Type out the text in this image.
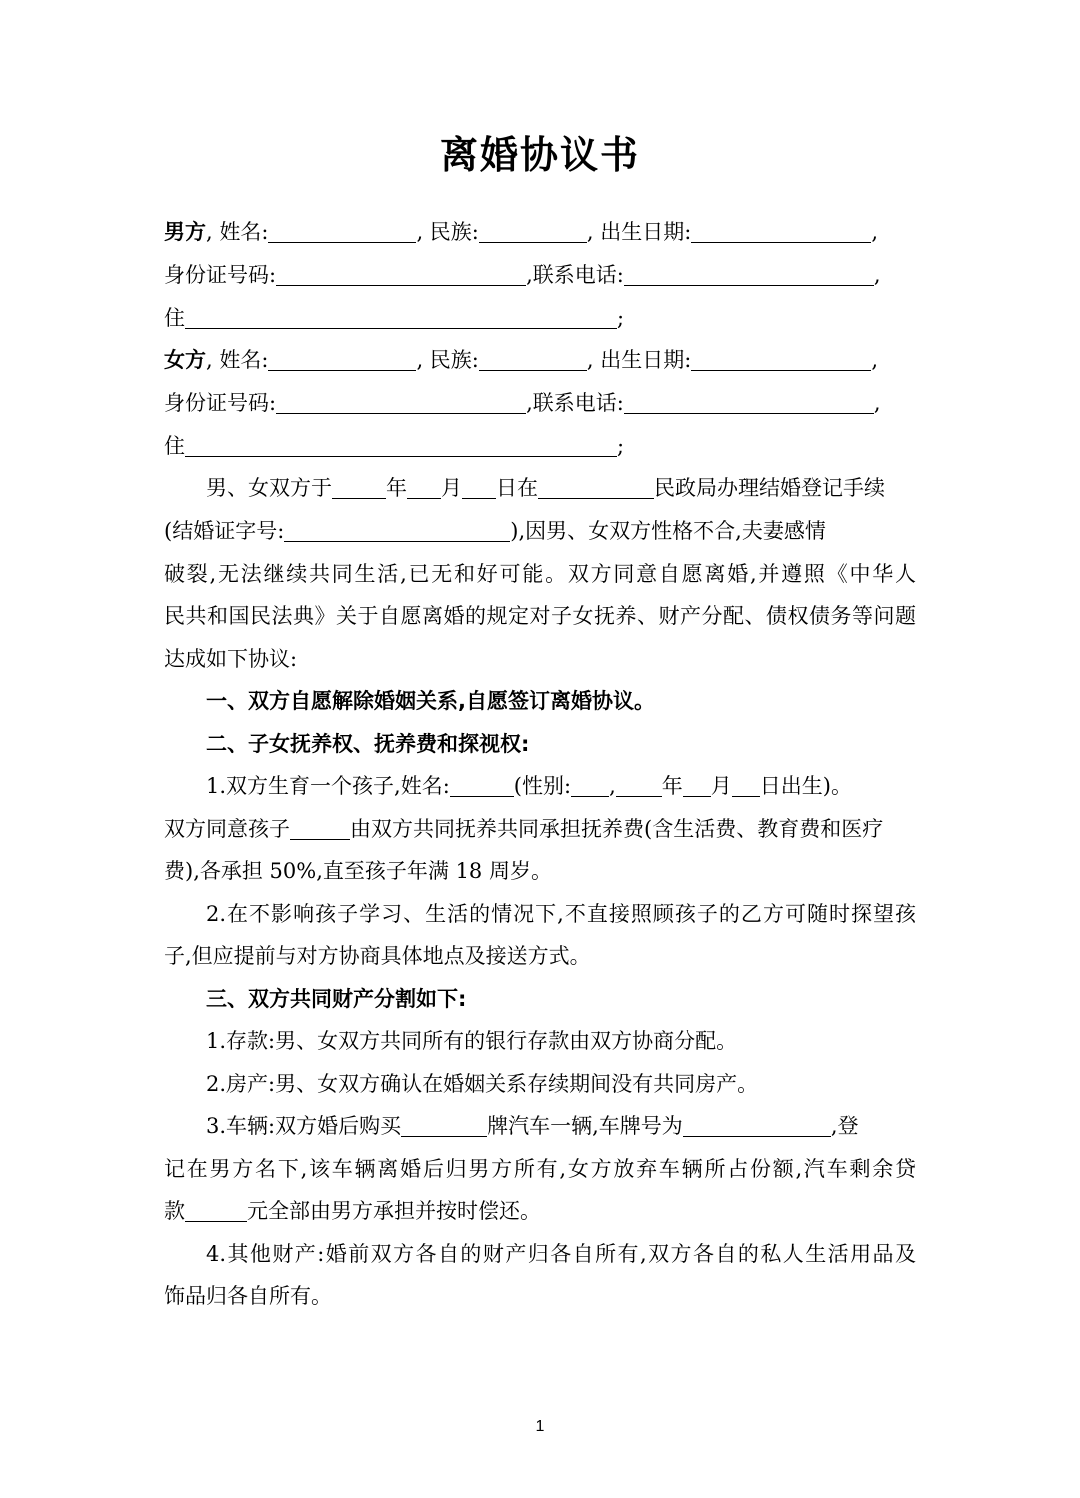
离婚协议书
男方, 姓名:	, 民族:	, 出生日期:	,
身份证号码:	,联系电话:	,
住	;
女方, 姓名:	, 民族:	, 出生日期:	,
身份证号码:	,联系电话:	,
住	;
男、女双方于	年 月 日在	民政局办理结婚登记手续
(结婚证字号:	),因男、女双方性格不合,夫妻感情
破裂,无法继续共同生活,已无和好可能。双方同意自愿离婚,并遵照《中华人
民共和国民法典》关于自愿离婚的规定对子女抚养、财产分配、债权债务等问题
达成如下协议:
一、双方自愿解除婚姻关系,自愿签订离婚协议。
二、子女抚养权、抚养费和探视权:
1.双方生育一个孩子,姓名:	(性别: , 年 月 日出生)。
双方同意孩子	由双方共同抚养共同承担抚养费(含生活费、教育费和医疗
费),各承担 50%,直至孩子年满 18 周岁。
2.在不影响孩子学习、生活的情况下,不直接照顾孩子的乙方可随时探望孩
子,但应提前与对方协商具体地点及接送方式。
三、双方共同财产分割如下:
1.存款:男、女双方共同所有的银行存款由双方协商分配。
2.房产:男、女双方确认在婚姻关系存续期间没有共同房产。
3.车辆:双方婚后购买	牌汽车一辆,车牌号为	,登
记在男方名下,该车辆离婚后归男方所有,女方放弃车辆所占份额,汽车剩余贷
款	元全部由男方承担并按时偿还。
4.其他财产:婚前双方各自的财产归各自所有,双方各自的私人生活用品及
饰品归各自所有。
1
